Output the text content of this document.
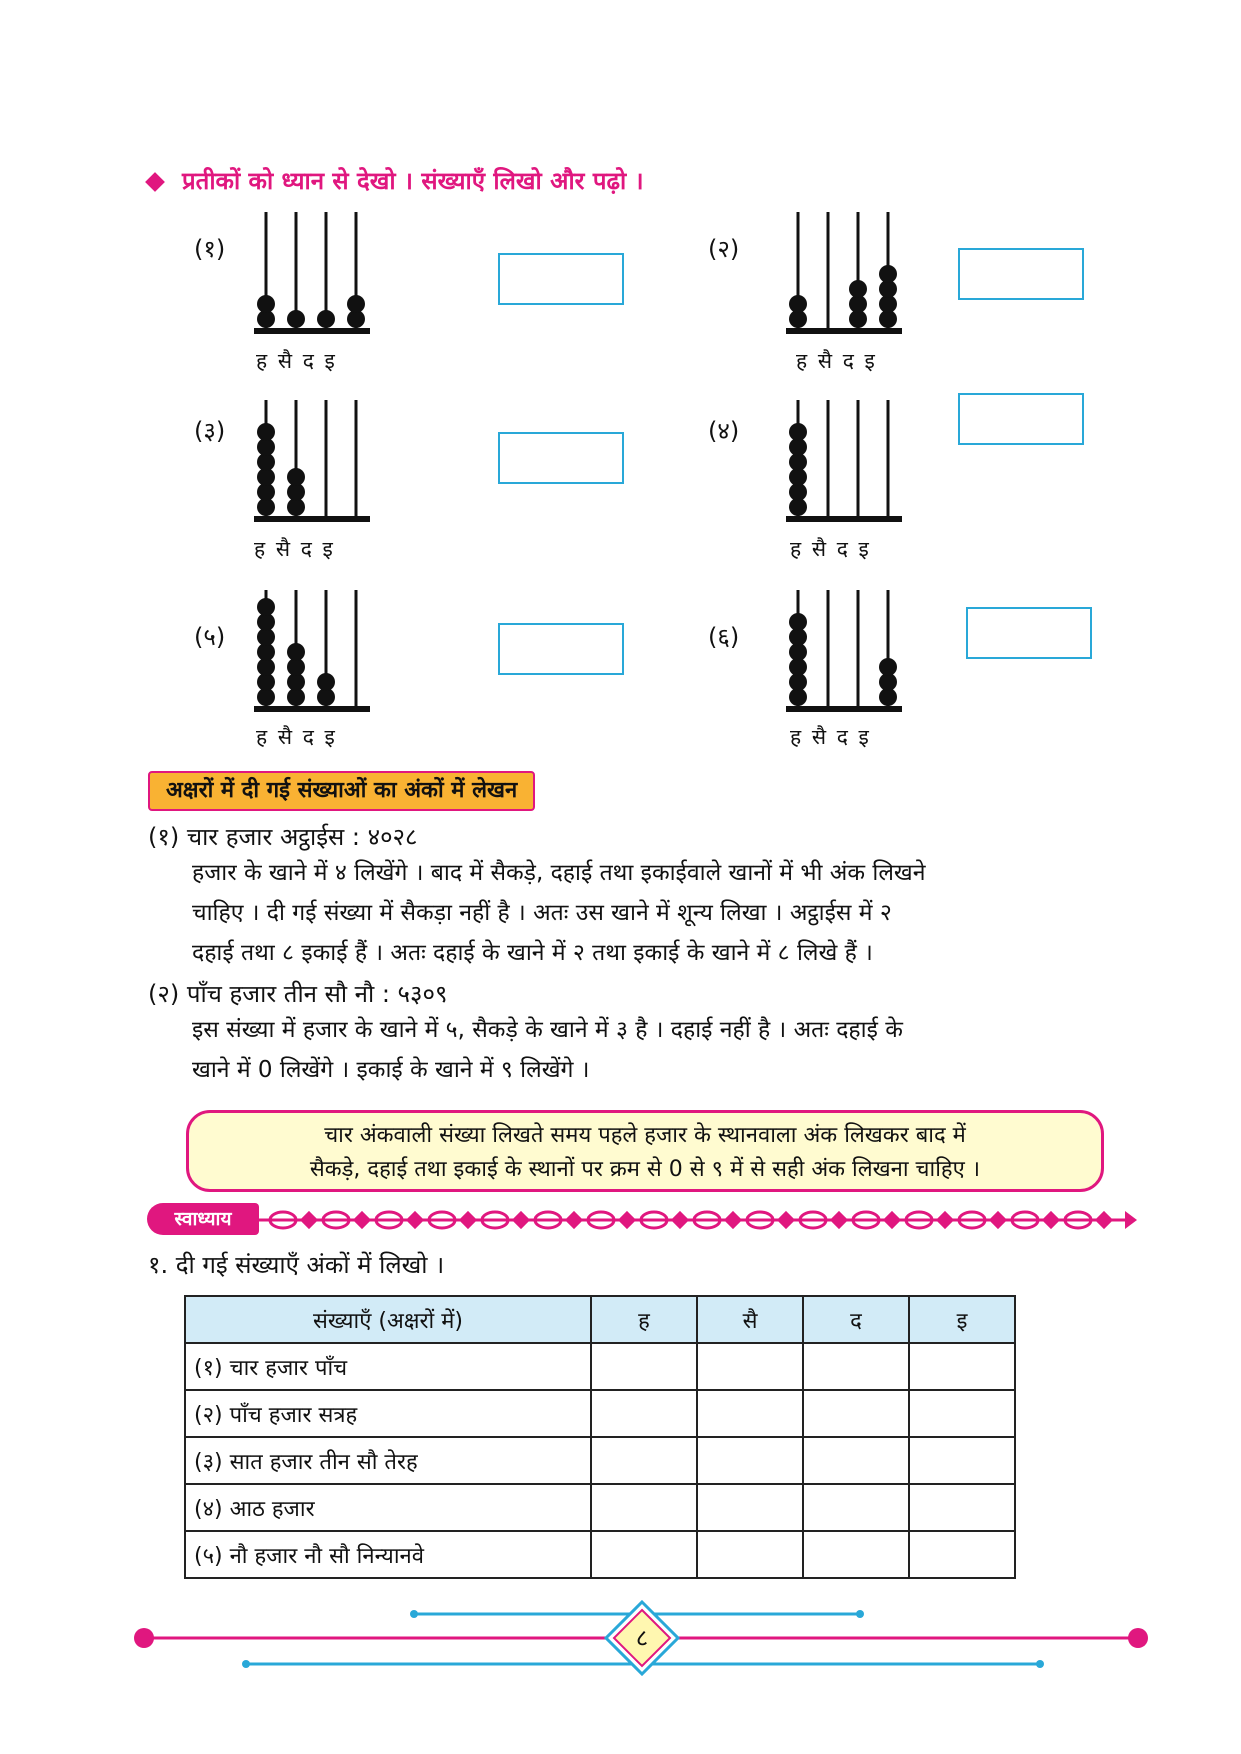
प्रतीकों को ध्यान से देखो । संख्याएँ लिखो और पढ़ो ।
(१)
ह सै द इ
(२)
ह सै द इ
(३)
ह सै द इ
(४)
ह सै द इ
(५)
ह सै द इ
(६)
ह सै द इ
अक्षरों में दी गई संख्याओं का अंकों में लेखन
(१) चार हजार अट्ठाईस : ४०२८
हजार के खाने में ४ लिखेंगे । बाद में सैकड़े, दहाई तथा इकाईवाले खानों में भी अंक लिखने
चाहिए । दी गई संख्या में सैकड़ा नहीं है । अतः उस खाने में शून्य लिखा । अट्ठाईस में २
दहाई तथा ८ इकाई हैं । अतः दहाई के खाने में २ तथा इकाई के खाने में ८ लिखे हैं ।
(२) पाँच हजार तीन सौ नौ : ५३०९
इस संख्या में हजार के खाने में ५, सैकड़े के खाने में ३ है । दहाई नहीं है । अतः दहाई के
खाने में 0 लिखेंगे । इकाई के खाने में ९ लिखेंगे ।
चार अंकवाली संख्या लिखते समय पहले हजार के स्थानवाला अंक लिखकर बाद में
सैकड़े, दहाई तथा इकाई के स्थानों पर क्रम से 0 से ९ में से सही अंक लिखना चाहिए ।
स्वाध्याय
१. दी गई संख्याएँ अंकों में लिखो ।
संख्याएँ (अक्षरों में)	ह	सै	द	इ
(१) चार हजार पाँच				
(२) पाँच हजार सत्रह				
(३) सात हजार तीन सौ तेरह				
(४) आठ हजार				
(५) नौ हजार नौ सौ निन्यानवे				
८
